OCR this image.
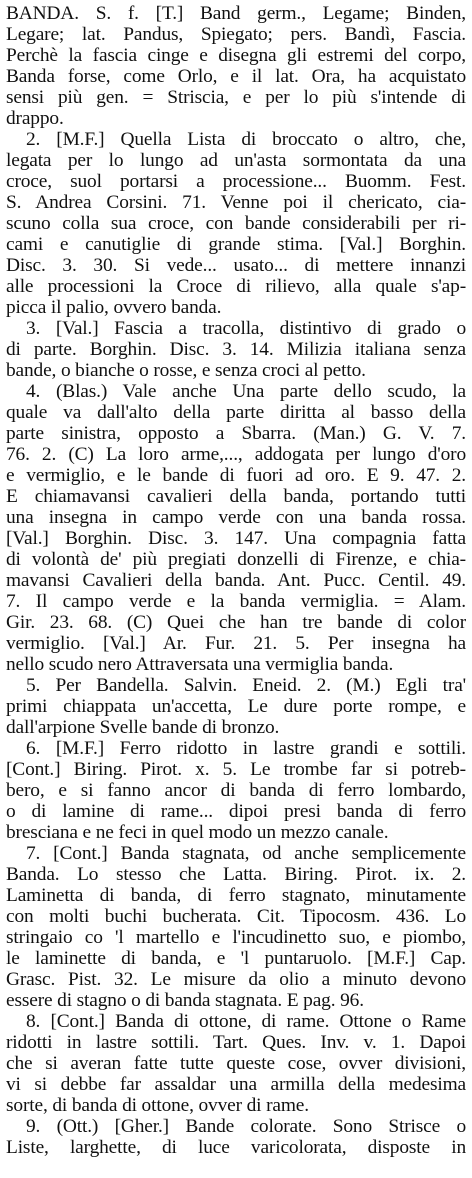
BANDA. S. f. [T.] Band germ., Legame; Binden,
Legare; lat. Pandus, Spiegato; pers. Bandì, Fascia.
Perchè la fascia cinge e disegna gli estremi del corpo,
Banda forse, come Orlo, e il lat. Ora, ha acquistato
sensi più gen. = Striscia, e per lo più s'intende di
drappo.
2. [M.F.] Quella Lista di broccato o altro, che,
legata per lo lungo ad un'asta sormontata da una
croce, suol portarsi a processione... Buomm. Fest.
S. Andrea Corsini. 71. Venne poi il chericato, cia-
scuno colla sua croce, con bande considerabili per ri-
cami e canutiglie di grande stima. [Val.] Borghin.
Disc. 3. 30. Si vede... usato... di mettere innanzi
alle processioni la Croce di rilievo, alla quale s'ap-
picca il palio, ovvero banda.
3. [Val.] Fascia a tracolla, distintivo di grado o
di parte. Borghin. Disc. 3. 14. Milizia italiana senza
bande, o bianche o rosse, e senza croci al petto.
4. (Blas.) Vale anche Una parte dello scudo, la
quale va dall'alto della parte diritta al basso della
parte sinistra, opposto a Sbarra. (Man.) G. V. 7.
76. 2. (C) La loro arme,..., addogata per lungo d'oro
e vermiglio, e le bande di fuori ad oro. E 9. 47. 2.
E chiamavansi cavalieri della banda, portando tutti
una insegna in campo verde con una banda rossa.
[Val.] Borghin. Disc. 3. 147. Una compagnia fatta
di volontà de' più pregiati donzelli di Firenze, e chia-
mavansi Cavalieri della banda. Ant. Pucc. Centil. 49.
7. Il campo verde e la banda vermiglia. = Alam.
Gir. 23. 68. (C) Quei che han tre bande di color
vermiglio. [Val.] Ar. Fur. 21. 5. Per insegna ha
nello scudo nero Attraversata una vermiglia banda.
5. Per Bandella. Salvin. Eneid. 2. (M.) Egli tra'
primi chiappata un'accetta, Le dure porte rompe, e
dall'arpione Svelle bande di bronzo.
6. [M.F.] Ferro ridotto in lastre grandi e sottili.
[Cont.] Biring. Pirot. x. 5. Le trombe far si potreb-
bero, e si fanno ancor di banda di ferro lombardo,
o di lamine di rame... dipoi presi banda di ferro
bresciana e ne feci in quel modo un mezzo canale.
7. [Cont.] Banda stagnata, od anche semplicemente
Banda. Lo stesso che Latta. Biring. Pirot. ix. 2.
Laminetta di banda, di ferro stagnato, minutamente
con molti buchi bucherata. Cit. Tipocosm. 436. Lo
stringaio co 'l martello e l'incudinetto suo, e piombo,
le laminette di banda, e 'l puntaruolo. [M.F.] Cap.
Grasc. Pist. 32. Le misure da olio a minuto devono
essere di stagno o di banda stagnata. E pag. 96.
8. [Cont.] Banda di ottone, di rame. Ottone o Rame
ridotti in lastre sottili. Tart. Ques. Inv. v. 1. Dapoi
che si averan fatte tutte queste cose, ovver divisioni,
vi si debbe far assaldar una armilla della medesima
sorte, di banda di ottone, ovver di rame.
9. (Ott.) [Gher.] Bande colorate. Sono Strisce o
Liste, larghette, di luce varicolorata, disposte in
